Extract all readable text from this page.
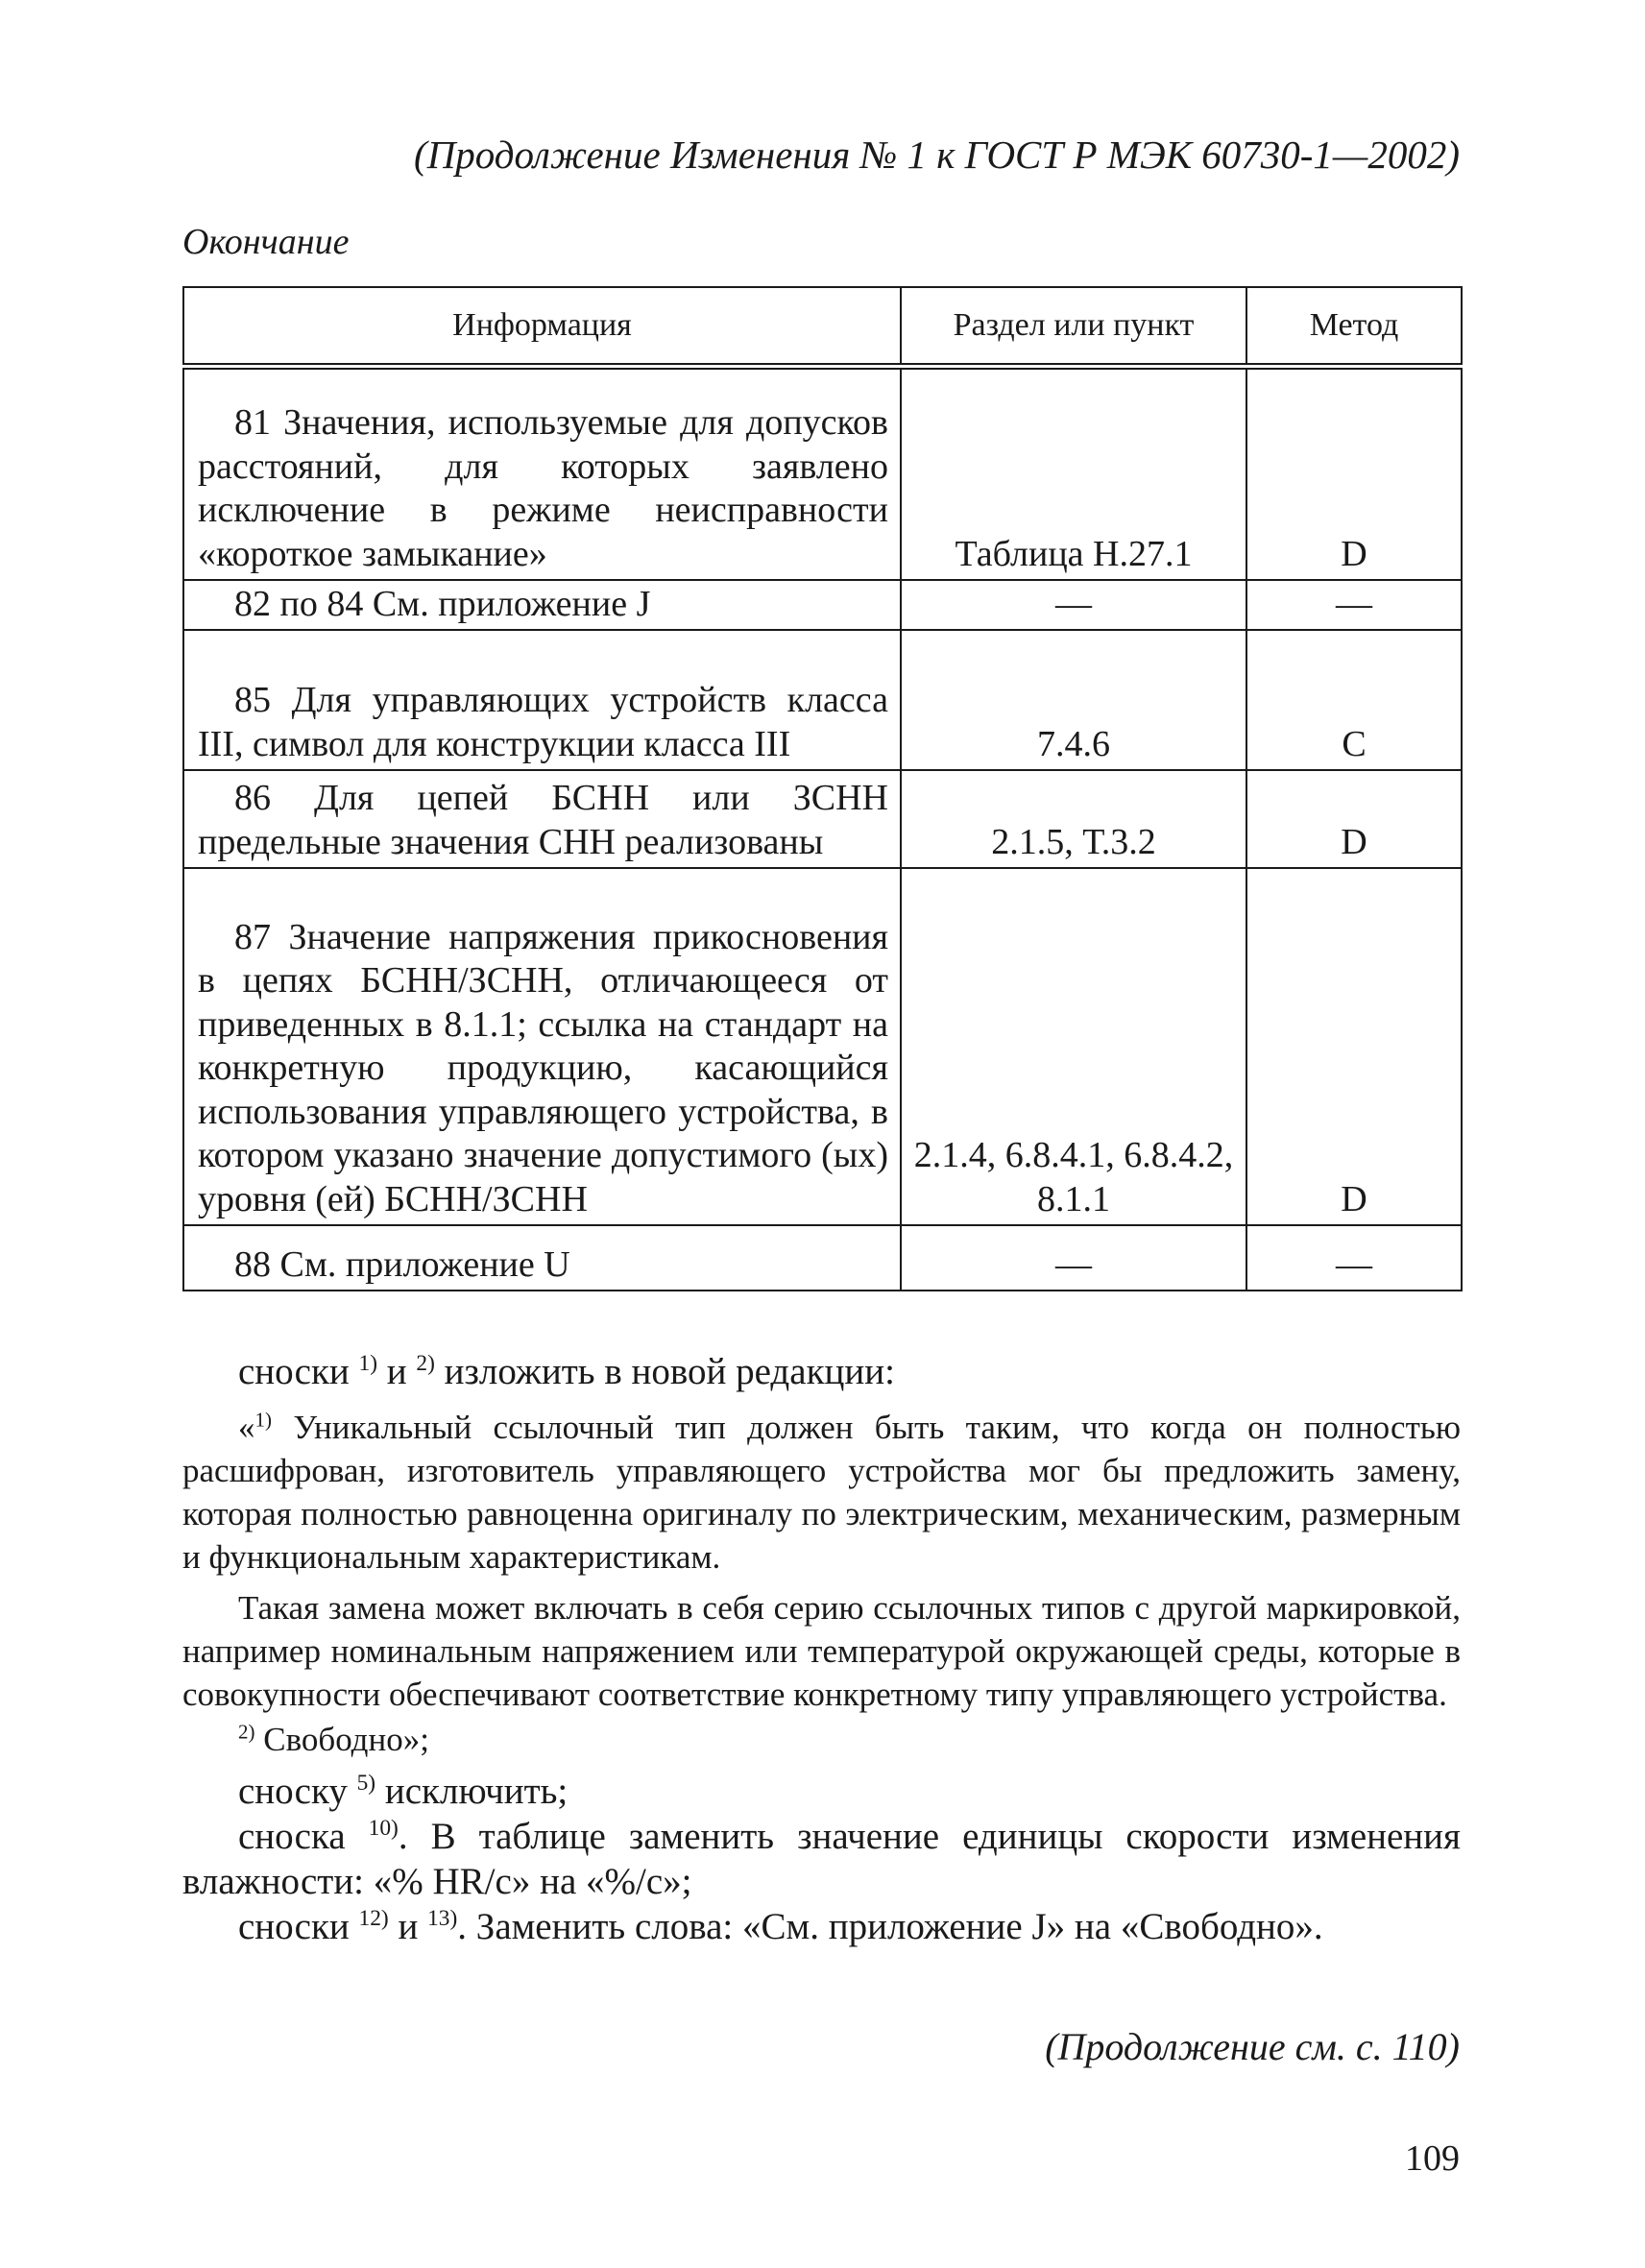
(Продолжение Изменения № 1 к ГОСТ Р МЭК 60730-1—2002)
Окончание
Информация	Раздел или пункт	Метод
81 Значения, используемые для допусков расстояний, для которых заявлено исключение в режиме неисправности «короткое замыкание»	Таблица H.27.1	D
82 по 84 См. приложение J	—	—
85 Для управляющих устройств класса III, символ для конструкции класса III	7.4.6	C
86 Для цепей БСНН или ЗСНН предельные значения СНН реализованы	2.1.5, Т.3.2	D
87 Значение напряжения прикосновения в цепях БСНН/ЗСНН, отличающееся от приведенных в 8.1.1; ссылка на стандарт на конкретную продукцию, касающийся использования управляющего устройства, в котором указано значение допустимого (ых) уровня (ей) БСНН/ЗСНН	2.1.4, 6.8.4.1, 6.8.4.2, 8.1.1	D
88 См. приложение U	—	—

сноски $^{1)}$ и $^{2)}$ изложить в новой редакции:

«$^{1)}$ Уникальный ссылочный тип должен быть таким, что когда он полностью расшифрован, изготовитель управляющего устройства мог бы предложить замену, которая полностью равноценна оригиналу по электрическим, механическим, размерным и функциональным характеристикам.

Такая замена может включать в себя серию ссылочных типов с другой маркировкой, например номинальным напряжением или температурой окружающей среды, которые в совокупности обеспечивают соответствие конкретному типу управляющего устройства.

$^{2)}$ Свободно»;

сноску $^{5)}$ исключить;

сноска $^{10)}$. В таблице заменить значение единицы скорости изменения влажности: «% HR/c» на «%/c»;

сноски $^{12)}$ и $^{13)}$. Заменить слова: «См. приложение J» на «Свободно».

(Продолжение см. с. 110)
109
